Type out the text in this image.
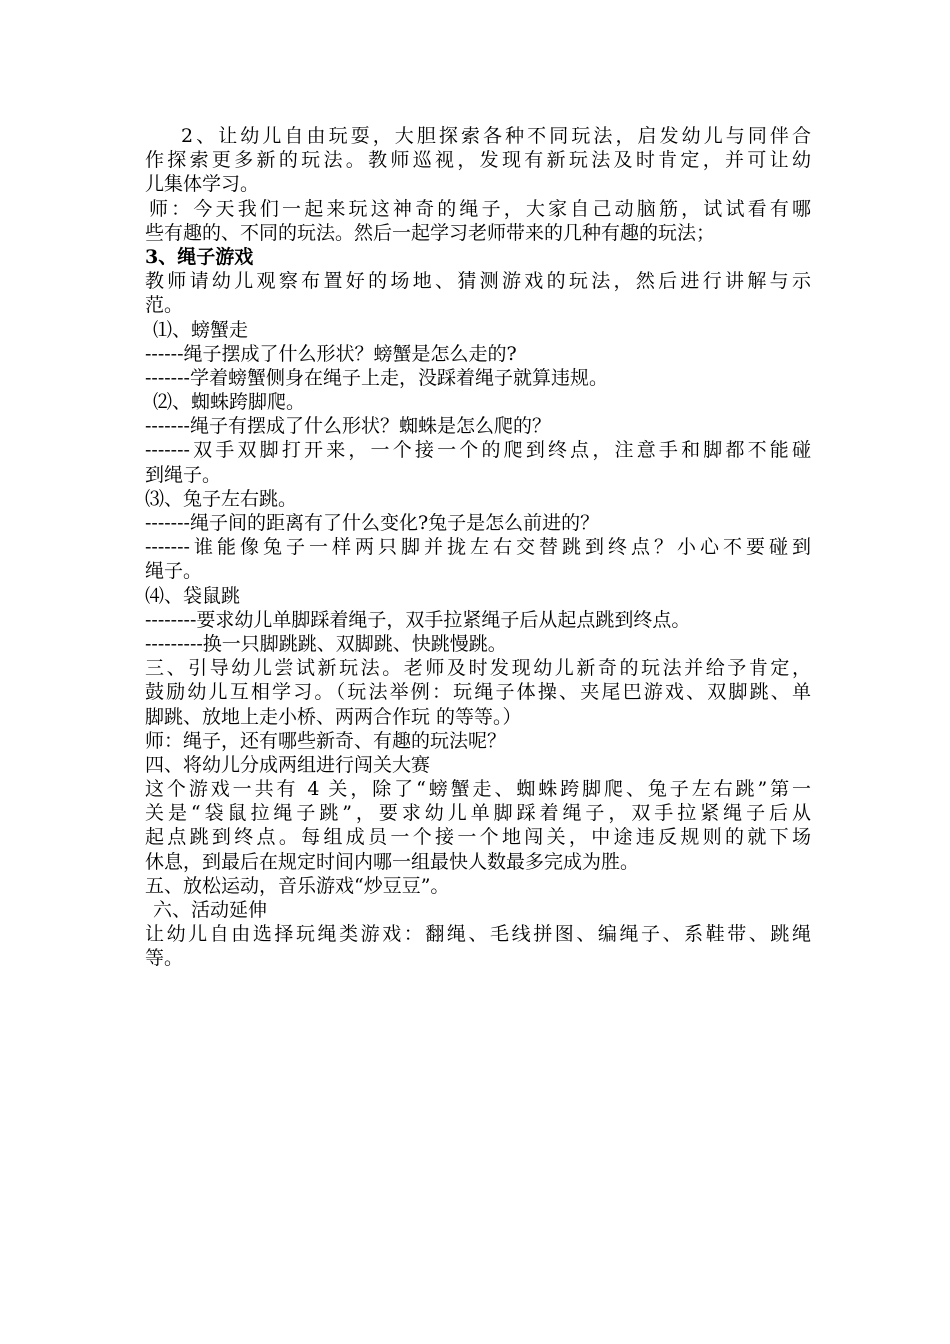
2、让幼儿自由玩耍，大胆探索各种不同玩法，启发幼儿与同伴合
作探索更多新的玩法。教师巡视，发现有新玩法及时肯定，并可让幼
儿集体学习。
师：今天我们一起来玩这神奇的绳子，大家自己动脑筋，试试看有哪
些有趣的、不同的玩法。然后一起学习老师带来的几种有趣的玩法；
3、绳子游戏
教师请幼儿观察布置好的场地、猜测游戏的玩法，然后进行讲解与示
范。
⑴、螃蟹走
------绳子摆成了什么形状？螃蟹是怎么走的?
-------学着螃蟹侧身在绳子上走，没踩着绳子就算违规。
⑵、蜘蛛跨脚爬。
-------绳子有摆成了什么形状？蜘蛛是怎么爬的？
-------双手双脚打开来，一个接一个的爬到终点，注意手和脚都不能碰
到绳子。
⑶、兔子左右跳。
-------绳子间的距离有了什么变化?兔子是怎么前进的？
-------谁能像兔子一样两只脚并拢左右交替跳到终点？小心不要碰到
绳子。
⑷、袋鼠跳
--------要求幼儿单脚踩着绳子，双手拉紧绳子后从起点跳到终点。
---------换一只脚跳跳、双脚跳、快跳慢跳。
三、引导幼儿尝试新玩法。老师及时发现幼儿新奇的玩法并给予肯定，
鼓励幼儿互相学习。（玩法举例：玩绳子体操、夹尾巴游戏、双脚跳、单
脚跳、放地上走小桥、两两合作玩 的等等。）
师：绳子，还有哪些新奇、有趣的玩法呢？
四、将幼儿分成两组进行闯关大赛
这个游戏一共有 4 关，除了“螃蟹走、蜘蛛跨脚爬、兔子左右跳”第一
关是“袋鼠拉绳子跳”，要求幼儿单脚踩着绳子，双手拉紧绳子后从
起点跳到终点。每组成员一个接一个地闯关，中途违反规则的就下场
休息，到最后在规定时间内哪一组最快人数最多完成为胜。
五、放松运动，音乐游戏“炒豆豆”。
六、活动延伸
让幼儿自由选择玩绳类游戏：翻绳、毛线拼图、编绳子、系鞋带、跳绳
等。
